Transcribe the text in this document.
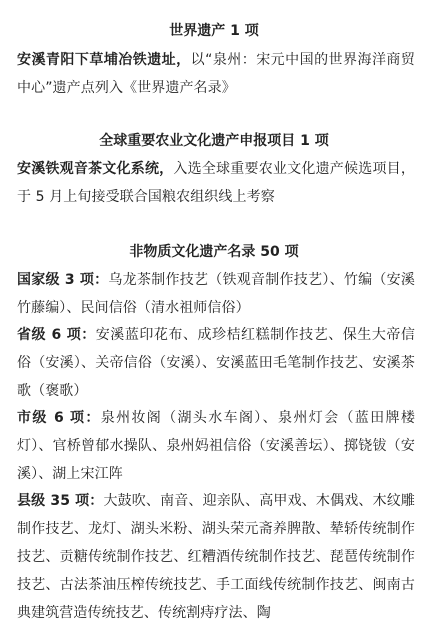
世界遗产 1 项
安溪青阳下草埔冶铁遗址，以“泉州：宋元中国的世界海洋商贸中心”遗产点列入《世界遗产名录》
全球重要农业文化遗产申报项目 1 项
安溪铁观音茶文化系统，入选全球重要农业文化遗产候选项目，于 5 月上旬接受联合国粮农组织线上考察
非物质文化遗产名录 50 项
国家级 3 项：乌龙茶制作技艺（铁观音制作技艺）、竹编（安溪竹藤编）、民间信俗（清水祖师信俗）
省级 6 项：安溪蓝印花布、成珍桔红糕制作技艺、保生大帝信俗（安溪）、关帝信俗（安溪）、安溪蓝田毛笔制作技艺、安溪茶歌（褒歌）
市级 6 项：泉州妆阁（湖头水车阁）、泉州灯会（蓝田牌楼灯）、官桥曾郁水操队、泉州妈祖信俗（安溪善坛）、掷铙钹（安溪）、湖上宋江阵
县级 35 项：大鼓吹、南音、迎亲队、高甲戏、木偶戏、木纹雕制作技艺、龙灯、湖头米粉、湖头荣元斋养脾散、辇轿传统制作技艺、贡糖传统制作技艺、红糟酒传统制作技艺、琵琶传统制作技艺、古法茶油压榨传统技艺、手工面线传统制作技艺、闽南古典建筑营造传统技艺、传统割痔疗法、陶
